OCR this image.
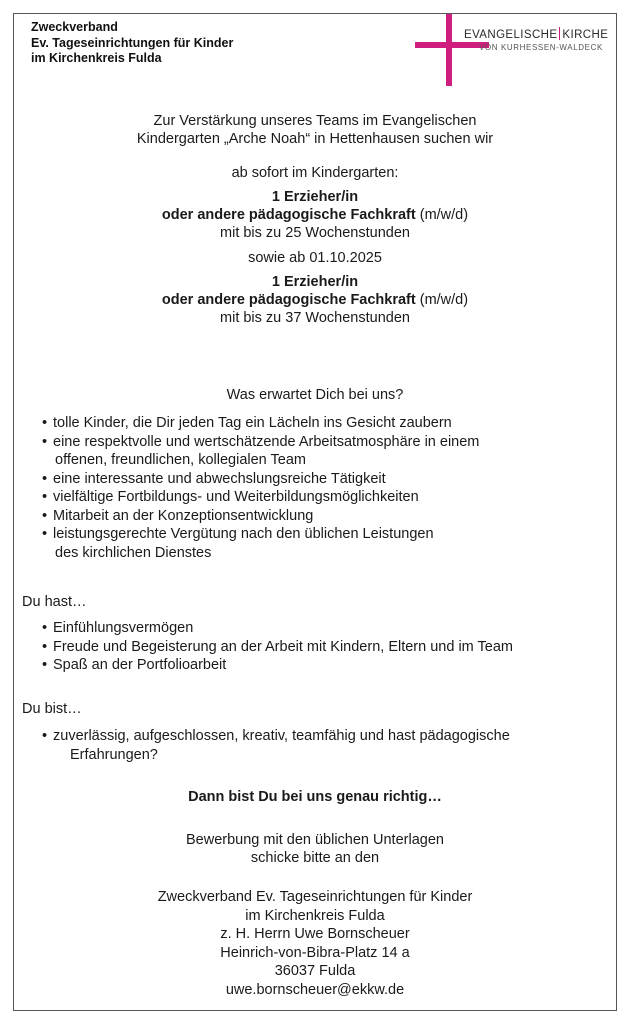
Zweckverband
Ev. Tageseinrichtungen für Kinder
im Kirchenkreis Fulda
EVANGELISCHE KIRCHE
VON KURHESSEN-WALDECK
Zur Verstärkung unseres Teams im Evangelischen
Kindergarten „Arche Noah“ in Hettenhausen suchen wir
ab sofort im Kindergarten:
1 Erzieher/in
oder andere pädagogische Fachkraft (m/w/d)
mit bis zu 25 Wochenstunden
sowie ab 01.10.2025
1 Erzieher/in
oder andere pädagogische Fachkraft (m/w/d)
mit bis zu 37 Wochenstunden
Was erwartet Dich bei uns?
• tolle Kinder, die Dir jeden Tag ein Lächeln ins Gesicht zaubern
• eine respektvolle und wertschätzende Arbeitsatmosphäre in einem
offenen, freundlichen, kollegialen Team
• eine interessante und abwechslungsreiche Tätigkeit
• vielfältige Fortbildungs- und Weiterbildungsmöglichkeiten
• Mitarbeit an der Konzeptionsentwicklung
• leistungsgerechte Vergütung nach den üblichen Leistungen
des kirchlichen Dienstes
Du hast…
• Einfühlungsvermögen
• Freude und Begeisterung an der Arbeit mit Kindern, Eltern und im Team
• Spaß an der Portfolioarbeit
Du bist…
• zuverlässig, aufgeschlossen, kreativ, teamfähig und hast pädagogische
Erfahrungen?
Dann bist Du bei uns genau richtig…
Bewerbung mit den üblichen Unterlagen
schicke bitte an den
Zweckverband Ev. Tageseinrichtungen für Kinder
im Kirchenkreis Fulda
z. H. Herrn Uwe Bornscheuer
Heinrich-von-Bibra-Platz 14 a
36037 Fulda
uwe.bornscheuer@ekkw.de
